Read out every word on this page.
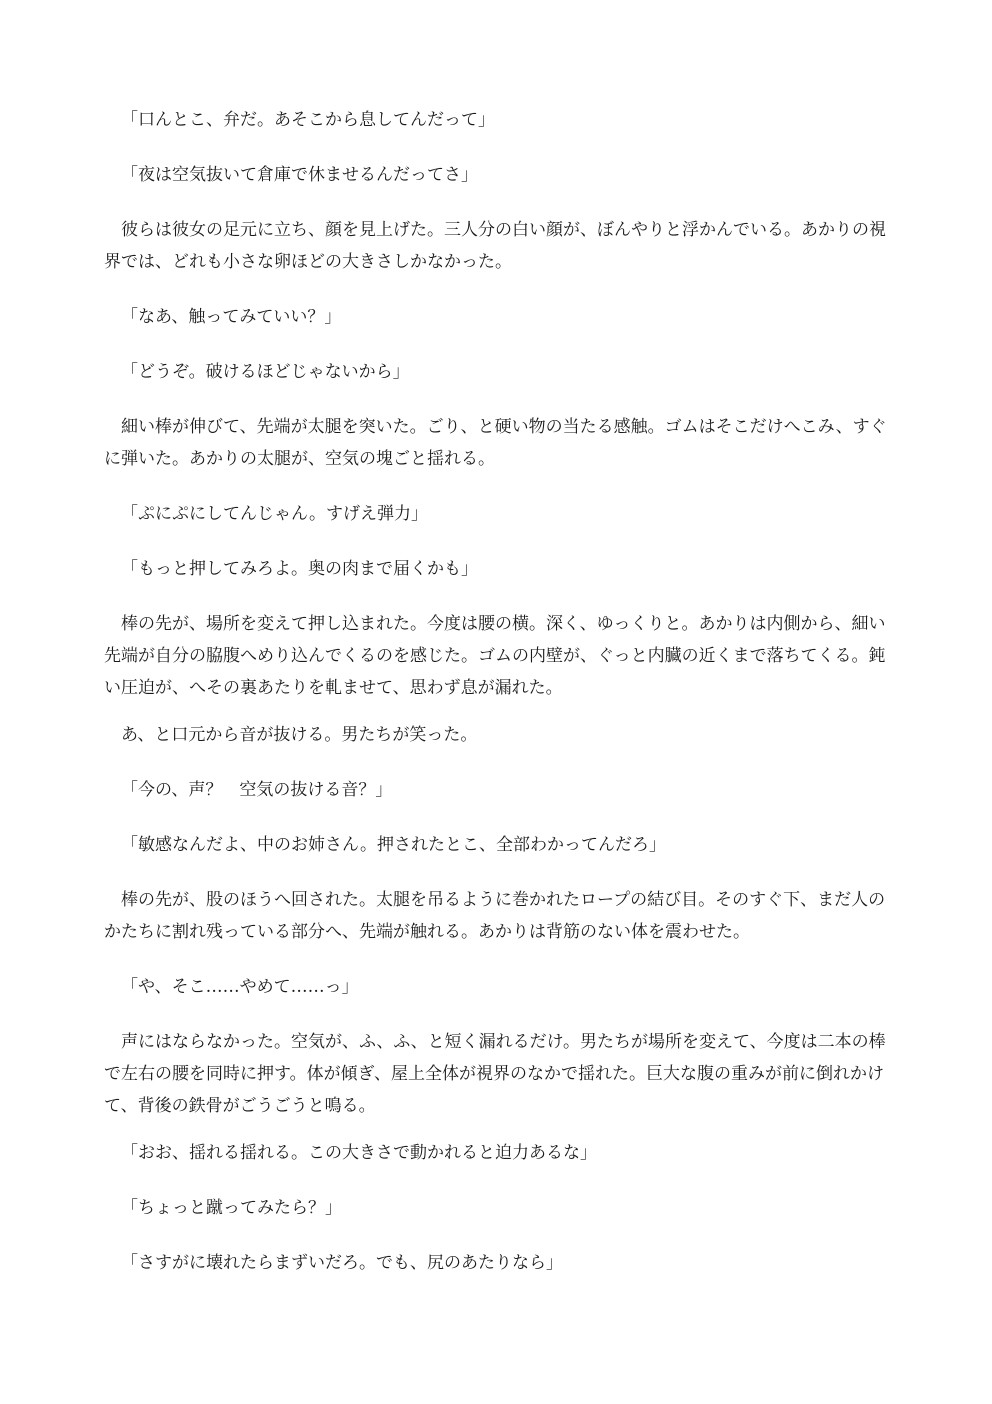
「口んとこ、弁だ。あそこから息してんだって」

「夜は空気抜いて倉庫で休ませるんだってさ」

彼らは彼女の足元に立ち、顔を見上げた。三人分の白い顔が、ぼんやりと浮かんでいる。あかりの視界では、どれも小さな卵ほどの大きさしかなかった。

「なあ、触ってみていい？」

「どうぞ。破けるほどじゃないから」

細い棒が伸びて、先端が太腿を突いた。ごり、と硬い物の当たる感触。ゴムはそこだけへこみ、すぐに弾いた。あかりの太腿が、空気の塊ごと揺れる。

「ぷにぷにしてんじゃん。すげえ弾力」

「もっと押してみろよ。奥の肉まで届くかも」

棒の先が、場所を変えて押し込まれた。今度は腰の横。深く、ゆっくりと。あかりは内側から、細い先端が自分の脇腹へめり込んでくるのを感じた。ゴムの内壁が、ぐっと内臓の近くまで落ちてくる。鈍い圧迫が、へその裏あたりを軋ませて、思わず息が漏れた。

あ、と口元から音が抜ける。男たちが笑った。

「今の、声？　空気の抜ける音？」

「敏感なんだよ、中のお姉さん。押されたとこ、全部わかってんだろ」

棒の先が、股のほうへ回された。太腿を吊るように巻かれたロープの結び目。そのすぐ下、まだ人のかたちに割れ残っている部分へ、先端が触れる。あかりは背筋のない体を震わせた。

「や、そこ……やめて……っ」

声にはならなかった。空気が、ふ、ふ、と短く漏れるだけ。男たちが場所を変えて、今度は二本の棒で左右の腰を同時に押す。体が傾ぎ、屋上全体が視界のなかで揺れた。巨大な腹の重みが前に倒れかけて、背後の鉄骨がごうごうと鳴る。

「おお、揺れる揺れる。この大きさで動かれると迫力あるな」

「ちょっと蹴ってみたら？」

「さすがに壊れたらまずいだろ。でも、尻のあたりなら」
